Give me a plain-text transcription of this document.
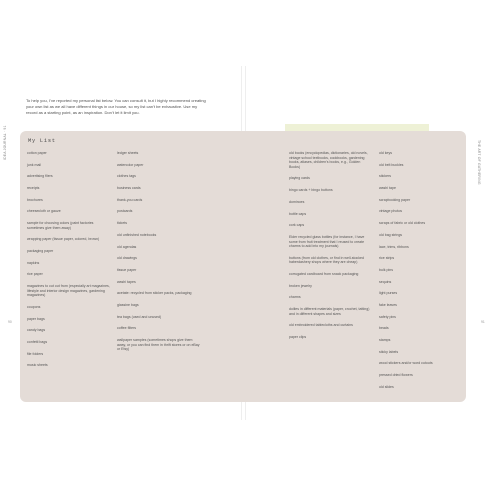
IDEA JOURNAL · 91	THE ART OF GATHERING
90	91

To help you, I’ve reported my personal list below. You can consult it, but I highly recommend creating your own list as we all have different things in our house, so my list can’t be exhaustive. Use my record as a starting point, as an inspiration. Don’t let it limit you.

My List
cotton paper
junk mail
advertising fliers
receipts
brochures
cheesecloth or gauze
sample for choosing colors (paint factories sometimes give them away)
wrapping paper (tissue paper, colored, brown)
packaging paper
napkins
rice paper
magazines to cut out from (especially art magazines, lifestyle and interior design magazines, gardening magazines)
coupons
paper bags
candy bags
confetti bags
file folders
music sheets
ledger sheets
watercolor paper
clothes tags
business cards
thank-you cards
postcards
tickets
old unfinished notebooks
old agendas
old drawings
tissue paper
washi tapes
acetate: recycled from sticker packs, packaging
glassine bags
tea bags (used and unused)
coffee filters
wallpaper samples (sometimes shops give them away, or you can find them in thrift stores or on eBay or Etsy)
old books (encyclopedias, dictionaries, old novels, vintage school textbooks, cookbooks, gardening books, atlases, children’s books, e.g., Golden Books)
playing cards
bingo cards + bingo buttons
dominoes
bottle caps
cork caps
Elder recycled glass bottles (for instance, I have some from fruit treatment that I reused to create charms to add into my journals)
buttons (from old clothes, or find in well-stocked haberdashery shops where they are cheap)
corrugated cardboard from snack packaging
broken jewelry
charms
doilies in different materials (paper, crochet, tatting) and in different shapes and sizes
old embroidered tablecloths and curtains
paper clips
old keys
old belt buckles
stickers
washi tape
scrapbooking paper
vintage photos
scraps of fabric or old clothes
old bag strings
lace, trims, ribbons
rice strips
bulk pins
sequins
light purses
fake leaves
safety pins
beads
stamps
sticky labels
wood stickers and/or word cutouts
pressed dried flowers
old slides
